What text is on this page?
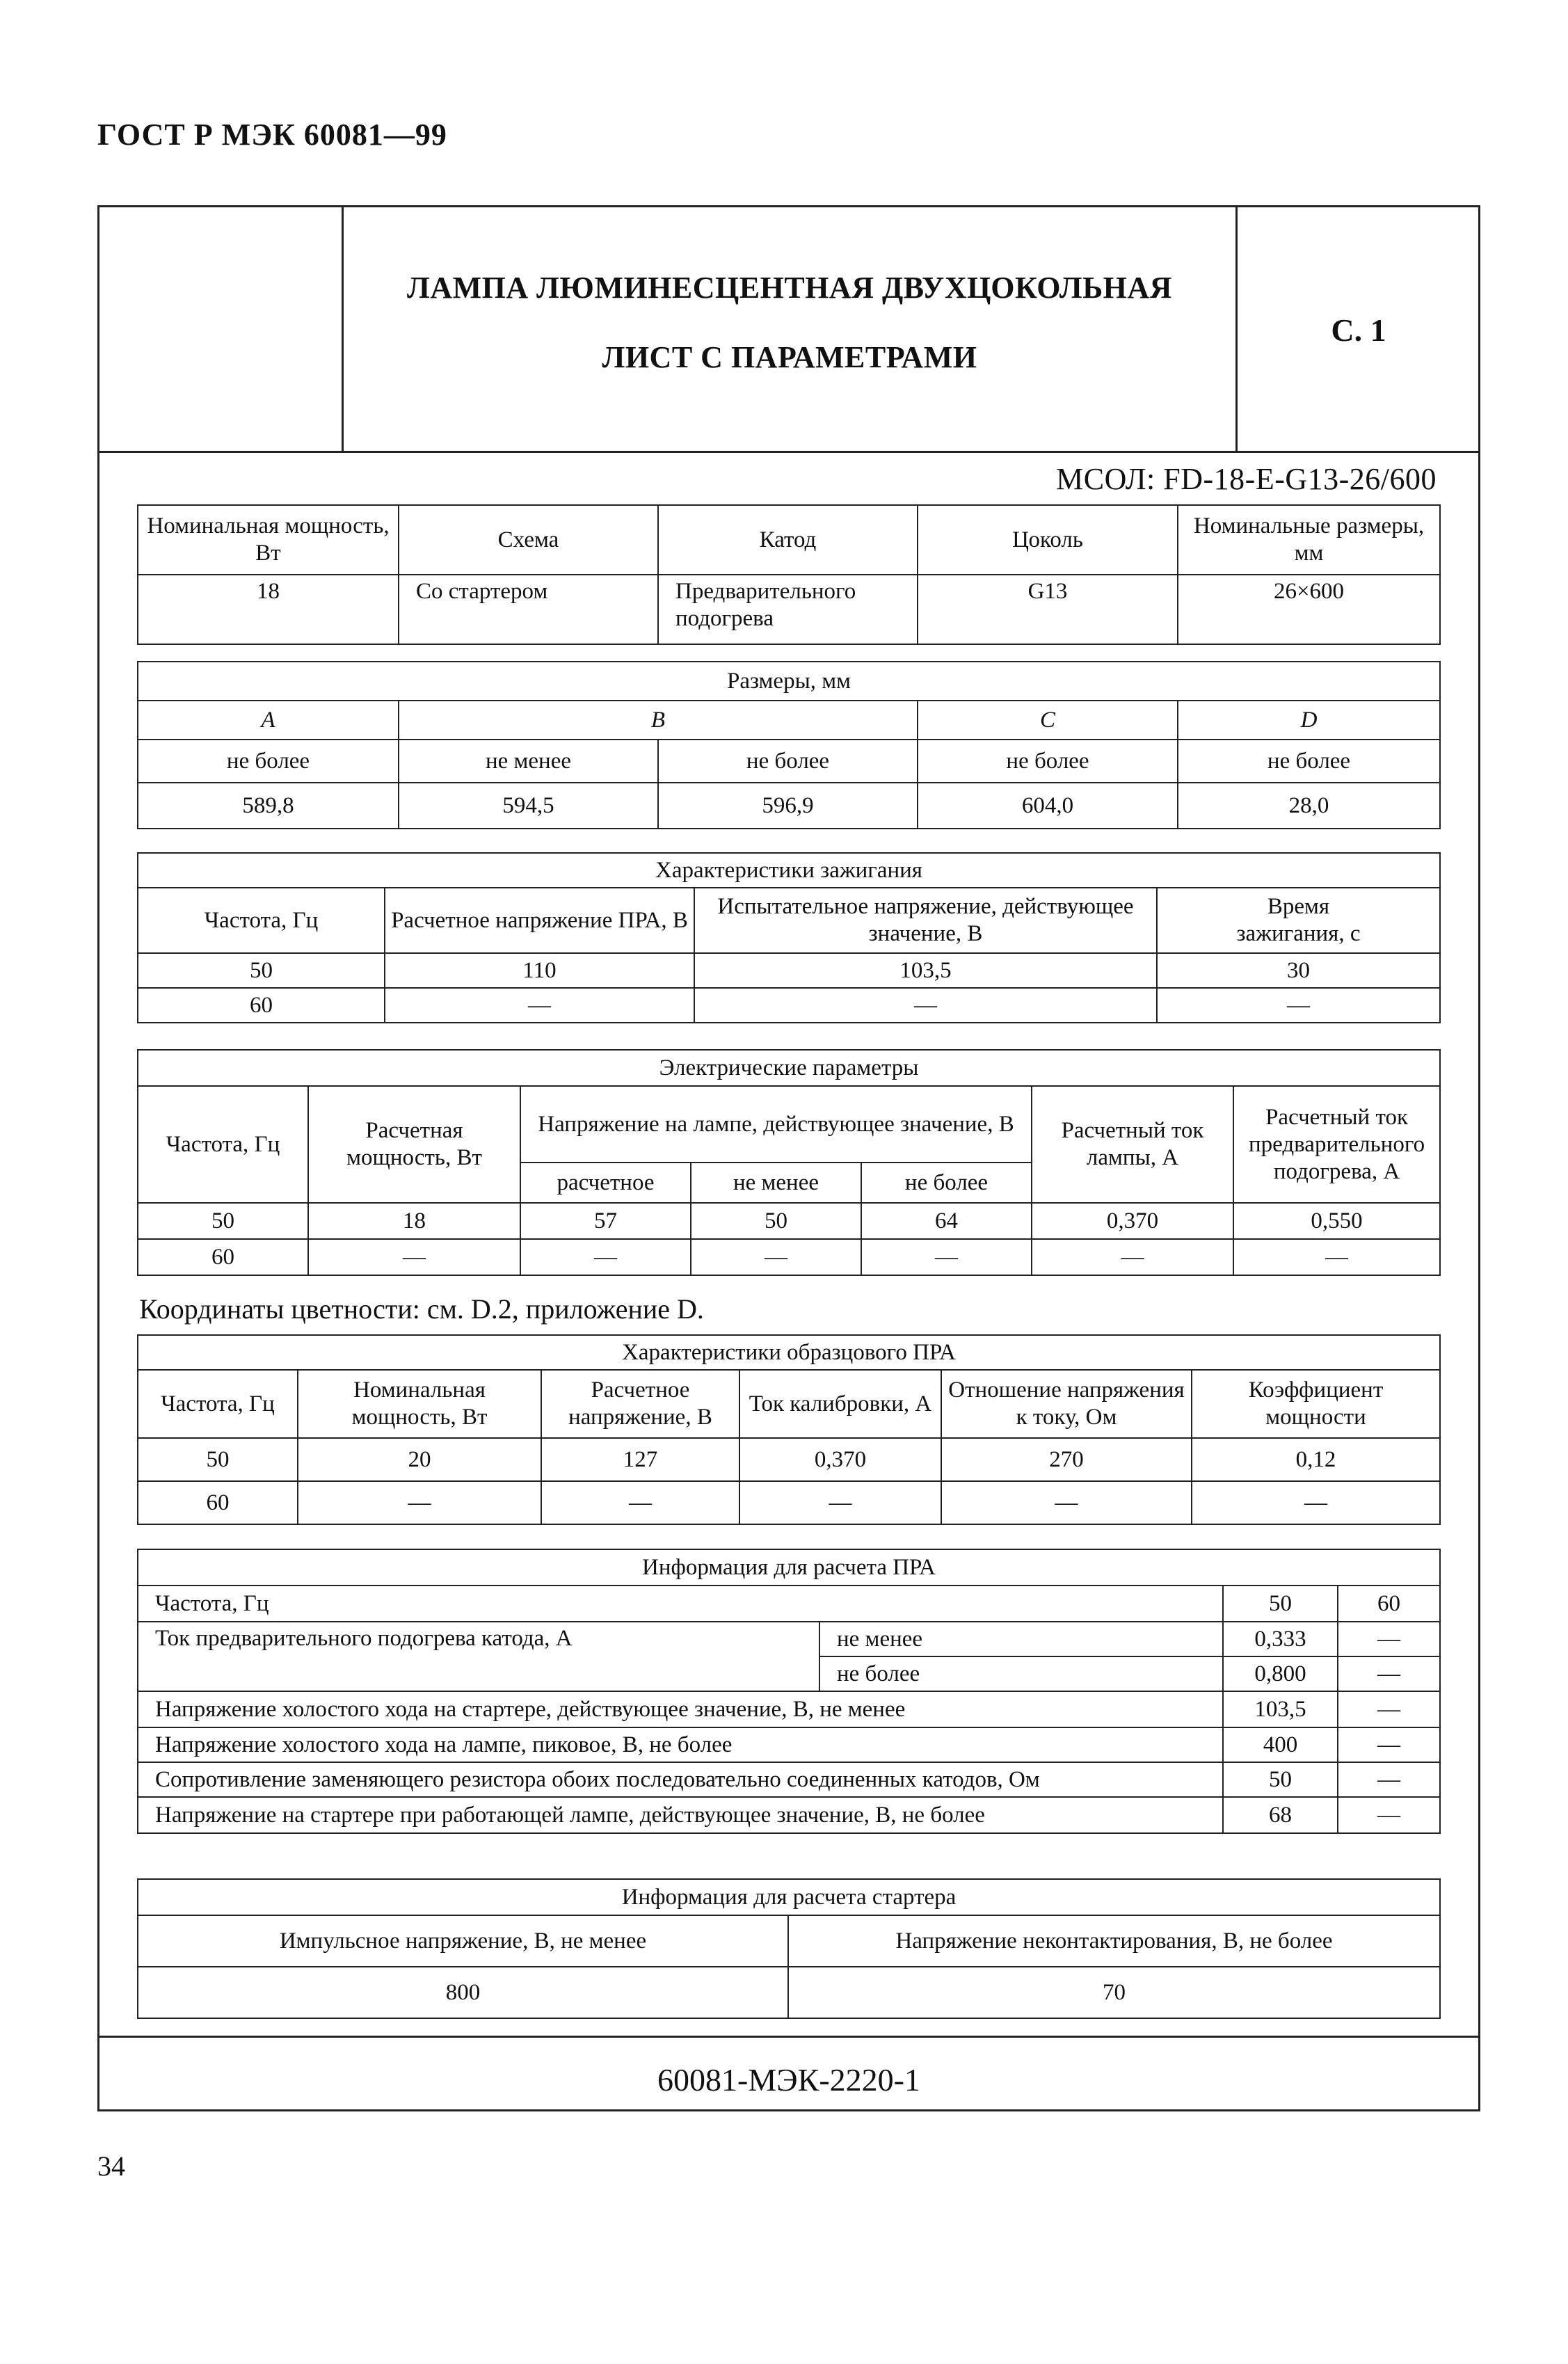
ГОСТ Р МЭК 60081—99
ЛАМПА ЛЮМИНЕСЦЕНТНАЯ ДВУХЦОКОЛЬНАЯ
ЛИСТ С ПАРАМЕТРАМИ
С. 1
МСОЛ: FD-18-E-G13-26/600
60081-МЭК-2220-1
Номинальная мощность, Вт	Схема	Катод	Цоколь	Номинальные размеры, мм
18	Со стартером	Предварительного подогрева	G13	26×600
Размеры, мм				
A	B		C	D
не более	не менее	не более	не более	не более
589,8	594,5	596,9	604,0	28,0
Характеристики зажигания			
Частота, Гц	Расчетное напряжение ПРА, В	Испытательное напряжение, действующее значение, В	Время зажигания, с
50	110	103,5	30
60	—	—	—
Электрические параметры						
Частота, Гц	Расчетная мощность, Вт	Напряжение на лампе, действующее значение, В			Расчетный ток лампы, А	Расчетный ток предварительного подогрева, А
		расчетное	не менее	не более		
50	18	57	50	64	0,370	0,550
60	—	—	—	—	—	—
Координаты цветности: см. D.2, приложение D.
Характеристики образцового ПРА					
Частота, Гц	Номинальная мощность, Вт	Расчетное напряжение, В	Ток калибровки, А	Отношение напряжения к току, Ом	Коэффициент мощности
50	20	127	0,370	270	0,12
60	—	—	—	—	—
Информация для расчета ПРА			
Частота, Гц		50	60
Ток предварительного подогрева катода, А	не менее	0,333	—
	не более	0,800	—
Напряжение холостого хода на стартере, действующее значение, В, не менее		103,5	—
Напряжение холостого хода на лампе, пиковое, В, не более		400	—
Сопротивление заменяющего резистора обоих последовательно соединенных катодов, Ом		50	—
Напряжение на стартере при работающей лампе, действующее значение, В, не более		68	—
Информация для расчета стартера	
Импульсное напряжение, В, не менее	Напряжение неконтактирования, В, не более
800	70
34
